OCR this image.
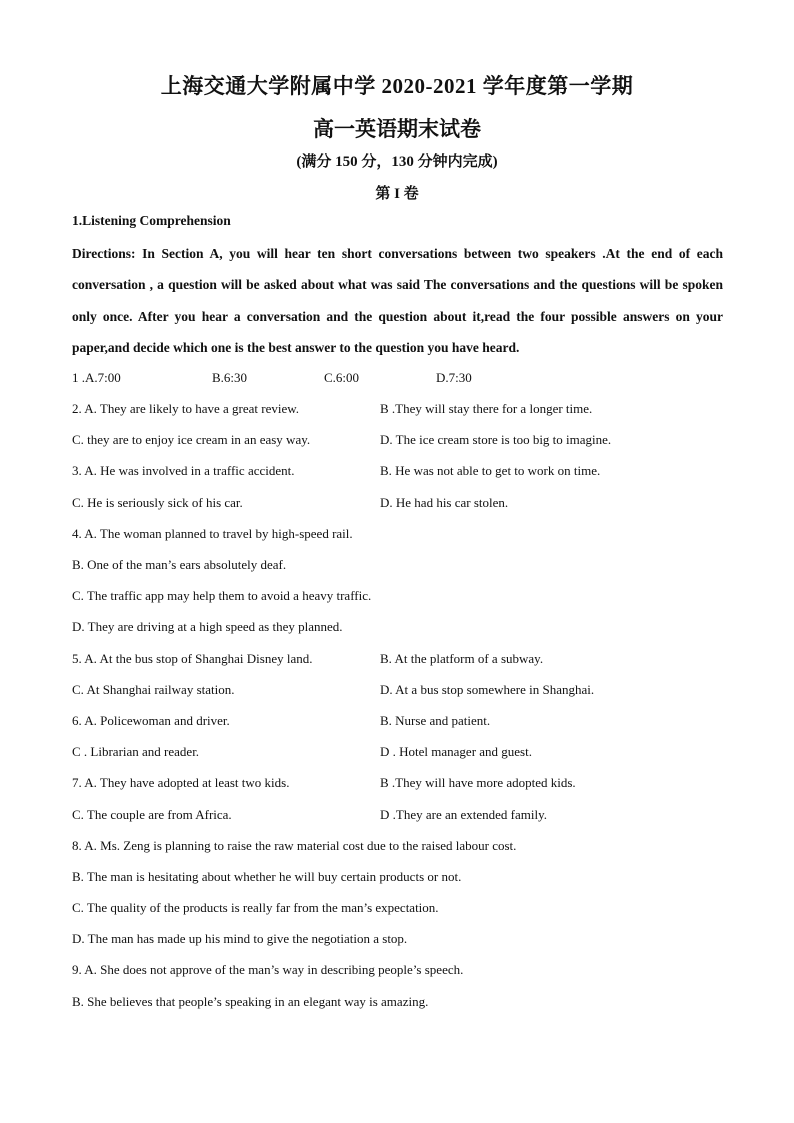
上海交通大学附属中学 2020-2021 学年度第一学期
高一英语期末试卷
(满分 150 分，130 分钟内完成)
第 I 卷
1.Listening Comprehension
Directions: In Section A, you will hear ten short conversations between two speakers .At the end of each conversation , a question will be asked about what was said The conversations and the questions will be spoken only once. After you hear a conversation and the question about it,read the four possible answers on your paper,and decide which one is the best answer to the question you have heard.
1 .A.7:00	B.6:30	C.6:00	D.7:30
2. A. They are likely to have a great review.	B .They will stay there for a longer time.
C. they are to enjoy ice cream in an easy way.	D. The ice cream store is too big to imagine.
3. A. He was involved in a traffic accident.	B. He was not able to get to work on time.
C. He is seriously sick of his car.	D. He had his car stolen.
4. A. The woman planned to travel by high-speed rail.
B. One of the man’s ears absolutely deaf.
C. The traffic app may help them to avoid a heavy traffic.
D. They are driving at a high speed as they planned.
5. A. At the bus stop of Shanghai Disney land.	B. At the platform of a subway.
C. At Shanghai railway station.	D. At a bus stop somewhere in Shanghai.
6. A. Policewoman and driver.	B. Nurse and patient.
C . Librarian and reader.	D . Hotel manager and guest.
7. A. They have adopted at least two kids.	B .They will have more adopted kids.
C. The couple are from Africa.	D .They are an extended family.
8. A. Ms. Zeng is planning to raise the raw material cost due to the raised labour cost.
B. The man is hesitating about whether he will buy certain products or not.
C. The quality of the products is really far from the man’s expectation.
D. The man has made up his mind to give the negotiation a stop.
9. A. She does not approve of the man’s way in describing people’s speech.
B. She believes that people’s speaking in an elegant way is amazing.
